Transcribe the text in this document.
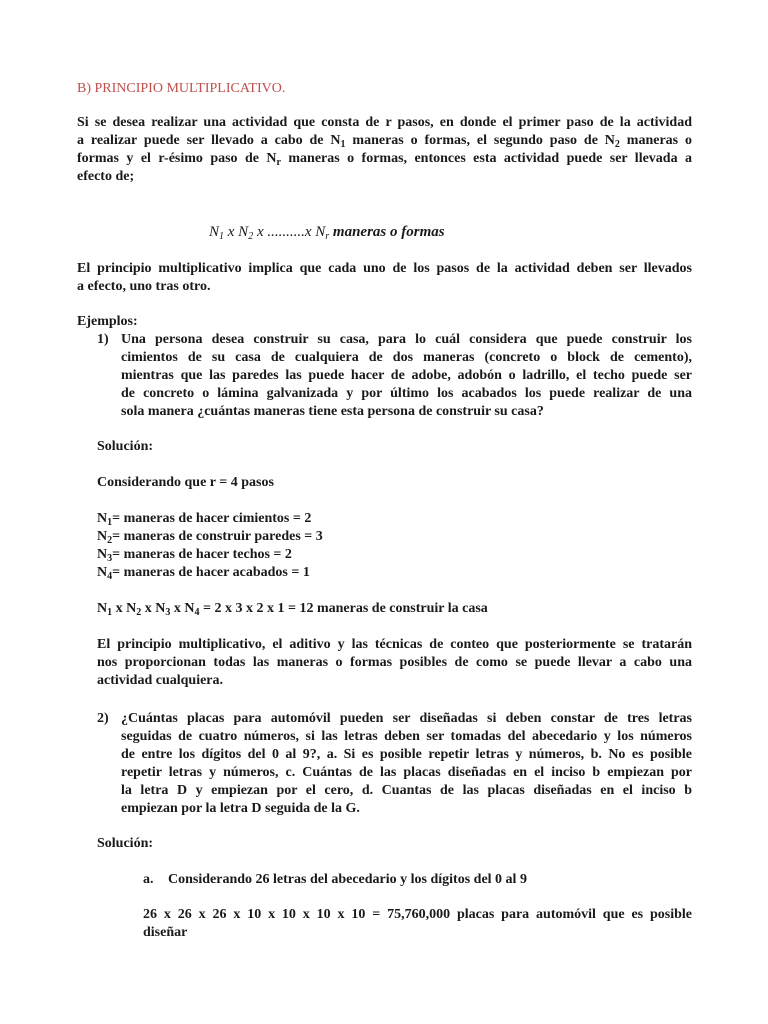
B) PRINCIPIO MULTIPLICATIVO.
Si se desea realizar una actividad que consta de r pasos, en donde el primer paso de la actividad
a realizar puede ser llevado a cabo de $N_1$ maneras o formas, el segundo paso de $N_2$ maneras o
formas y el r-ésimo paso de $N_r$ maneras o formas, entonces esta actividad puede ser llevada a
efecto de;
$N_1$ x $N_2$ x ..........x $N_r$ maneras o formas
El principio multiplicativo implica que cada uno de los pasos de la actividad deben ser llevados
a efecto, uno tras otro.
Ejemplos:
1) Una persona desea construir su casa, para lo cuál considera que puede construir los
cimientos de su casa de cualquiera de dos maneras (concreto o block de cemento),
mientras que las paredes las puede hacer de adobe, adobón o ladrillo, el techo puede ser
de concreto o lámina galvanizada y por último los acabados los puede realizar de una
sola manera ¿cuántas maneras tiene esta persona de construir su casa?
Solución:
Considerando que r = 4 pasos
$N_1=$ maneras de hacer cimientos = 2
$N_2=$ maneras de construir paredes = 3
$N_3=$ maneras de hacer techos = 2
$N_4=$ maneras de hacer acabados = 1
$N_1$ x $N_2$ x $N_3$ x $N_4 = 2$ x 3 x 2 x 1 = 12 maneras de construir la casa
El principio multiplicativo, el aditivo y las técnicas de conteo que posteriormente se tratarán
nos proporcionan todas las maneras o formas posibles de como se puede llevar a cabo una
actividad cualquiera.
2) ¿Cuántas placas para automóvil pueden ser diseñadas si deben constar de tres letras
seguidas de cuatro números, si las letras deben ser tomadas del abecedario y los números
de entre los dígitos del 0 al 9?, a. Si es posible repetir letras y números, b. No es posible
repetir letras y números, c. Cuántas de las placas diseñadas en el inciso b empiezan por
la letra D y empiezan por el cero, d. Cuantas de las placas diseñadas en el inciso b
empiezan por la letra D seguida de la G.
Solución:
a. Considerando 26 letras del abecedario y los dígitos del 0 al 9
26 x 26 x 26 x 10 x 10 x 10 x 10 = 75,760,000 placas para automóvil que es posible
diseñar
